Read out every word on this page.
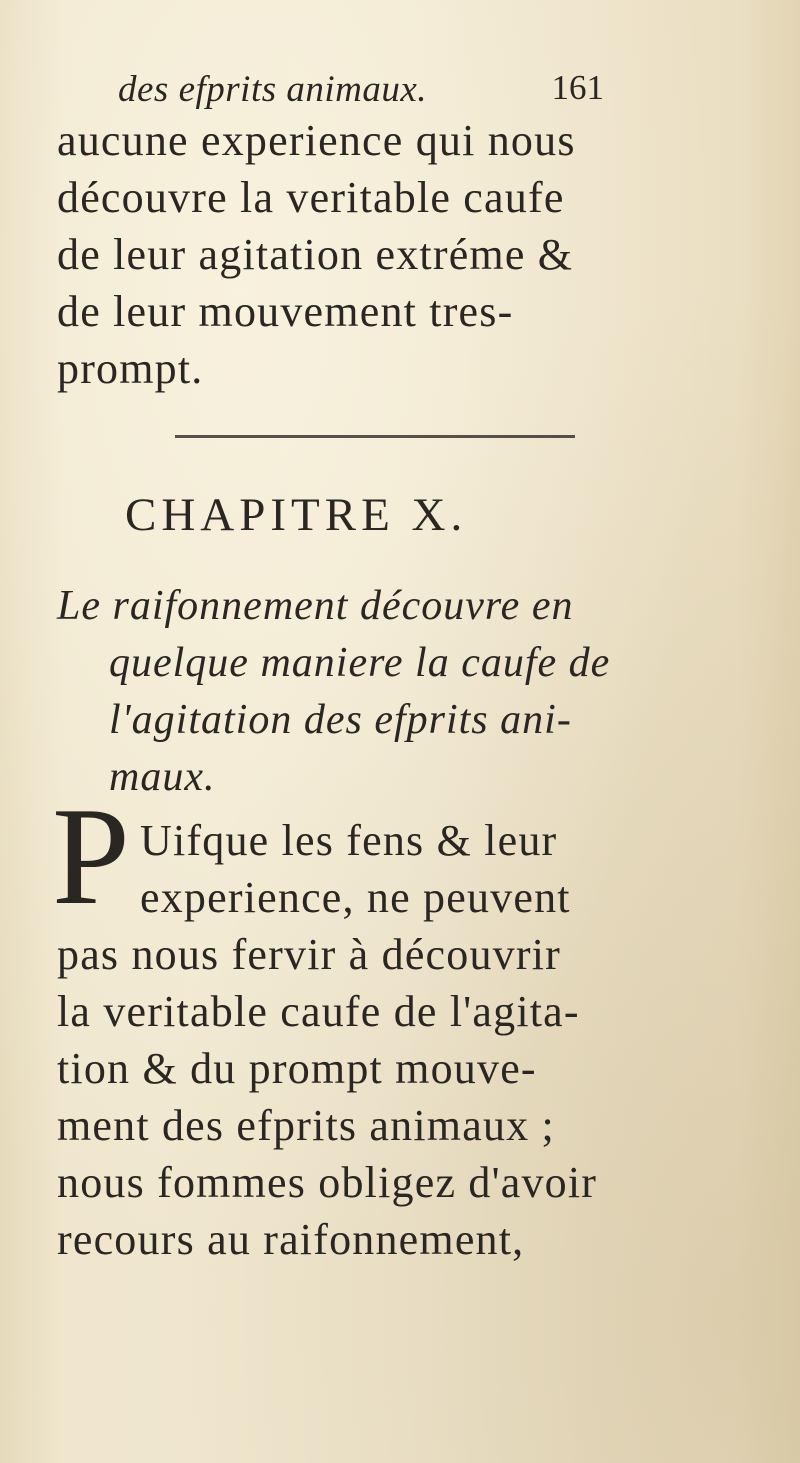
des efprits animaux.	161
aucune experience qui nous
découvre la veritable caufe
de leur agitation extréme &
de leur mouvement tres-
prompt.
CHAPITRE X.
Le raifonnement découvre en
quelque maniere la caufe de
l'agitation des efprits ani-
maux.
P Uifque les fens & leur
experience, ne peuvent
pas nous fervir à découvrir
la veritable caufe de l'agita-
tion & du prompt mouve-
ment des efprits animaux ;
nous fommes obligez d'avoir
recours au raifonnement,
